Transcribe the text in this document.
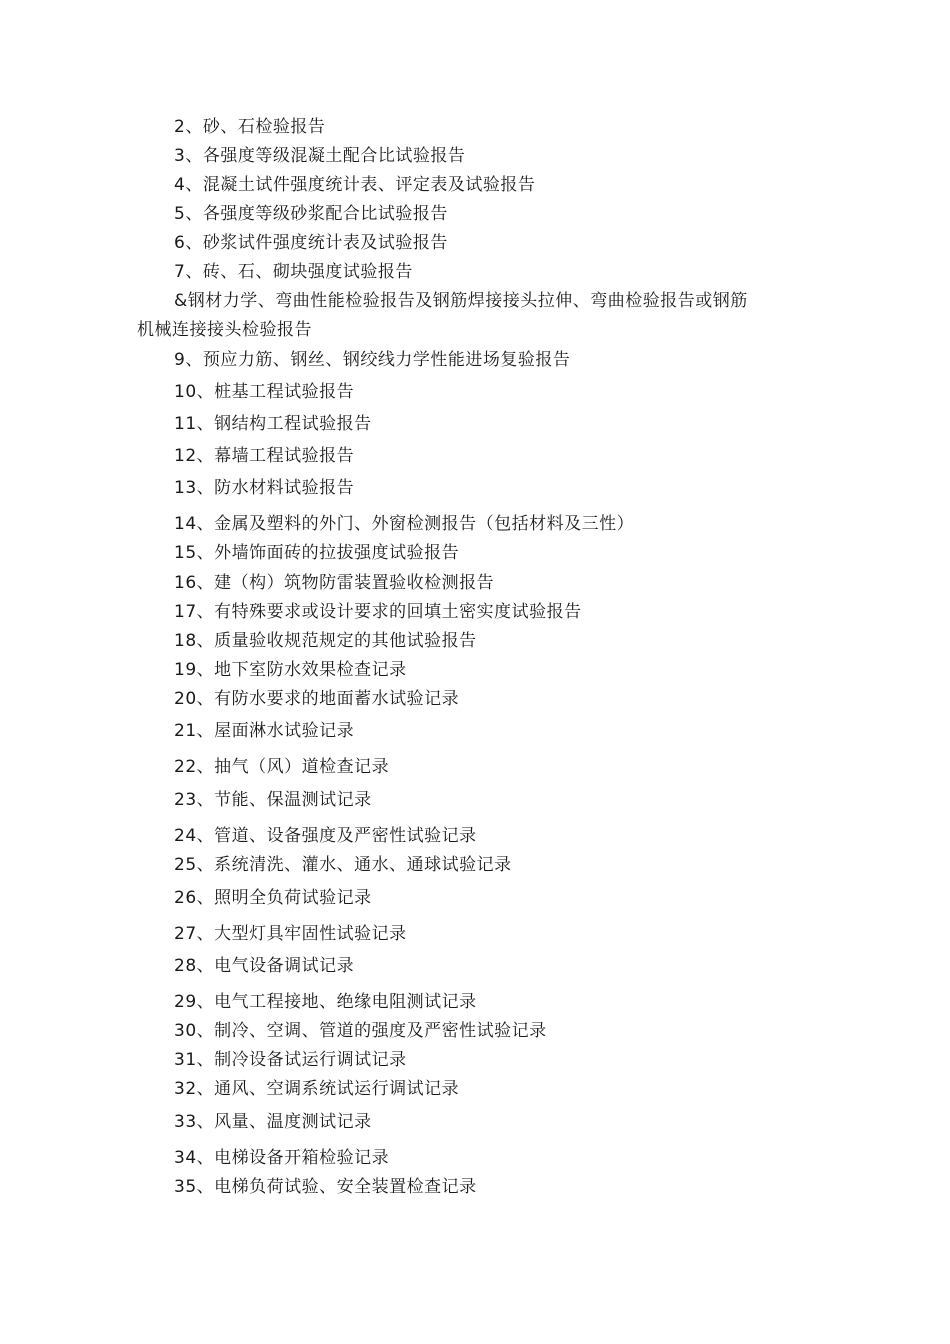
2、砂、石检验报告
3、各强度等级混凝土配合比试验报告
4、混凝土试件强度统计表、评定表及试验报告
5、各强度等级砂浆配合比试验报告
6、砂浆试件强度统计表及试验报告
7、砖、石、砌块强度试验报告
&钢材力学、弯曲性能检验报告及钢筋焊接接头拉伸、弯曲检验报告或钢筋
机械连接接头检验报告
9、预应力筋、钢丝、钢绞线力学性能进场复验报告
10、桩基工程试验报告
11、钢结构工程试验报告
12、幕墙工程试验报告
13、防水材料试验报告
14、金属及塑料的外门、外窗检测报告（包括材料及三性）
15、外墙饰面砖的拉拔强度试验报告
16、建（构）筑物防雷装置验收检测报告
17、有特殊要求或设计要求的回填土密实度试验报告
18、质量验收规范规定的其他试验报告
19、地下室防水效果检查记录
20、有防水要求的地面蓄水试验记录
21、屋面淋水试验记录
22、抽气（风）道检查记录
23、节能、保温测试记录
24、管道、设备强度及严密性试验记录
25、系统清洗、灌水、通水、通球试验记录
26、照明全负荷试验记录
27、大型灯具牢固性试验记录
28、电气设备调试记录
29、电气工程接地、绝缘电阻测试记录
30、制冷、空调、管道的强度及严密性试验记录
31、制冷设备试运行调试记录
32、通风、空调系统试运行调试记录
33、风量、温度测试记录
34、电梯设备开箱检验记录
35、电梯负荷试验、安全装置检查记录
